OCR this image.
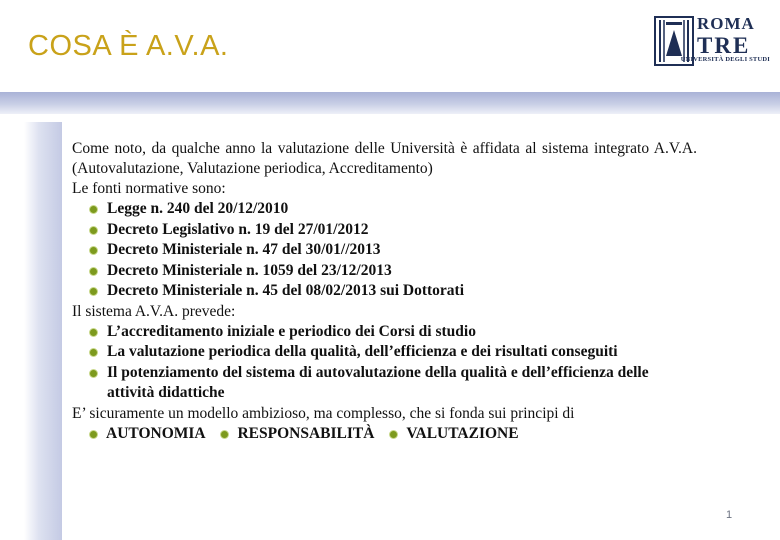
COSA È A.V.A.
ROMA
TRE
UNIVERSITÀ DEGLI STUDI

Come noto, da qualche anno la valutazione delle Università è affidata al sistema integrato A.V.A. (Autovalutazione, Valutazione periodica, Accreditamento)

Le fonti normative sono:

Legge n. 240 del 20/12/2010
Decreto Legislativo n. 19 del 27/01/2012
Decreto Ministeriale n. 47 del 30/01//2013
Decreto Ministeriale n. 1059 del 23/12/2013
Decreto Ministeriale n. 45 del 08/02/2013 sui Dottorati

Il sistema A.V.A. prevede:

L’accreditamento iniziale e periodico dei Corsi di studio
La valutazione periodica della qualità, dell’efficienza e dei risultati conseguiti
Il potenziamento del sistema di autovalutazione della qualità e dell’efficienza delle attività didattiche

E’ sicuramente un modello ambizioso, ma complesso, che si fonda sui principi di

AUTONOMIA RESPONSABILITÀ VALUTAZIONE
1
